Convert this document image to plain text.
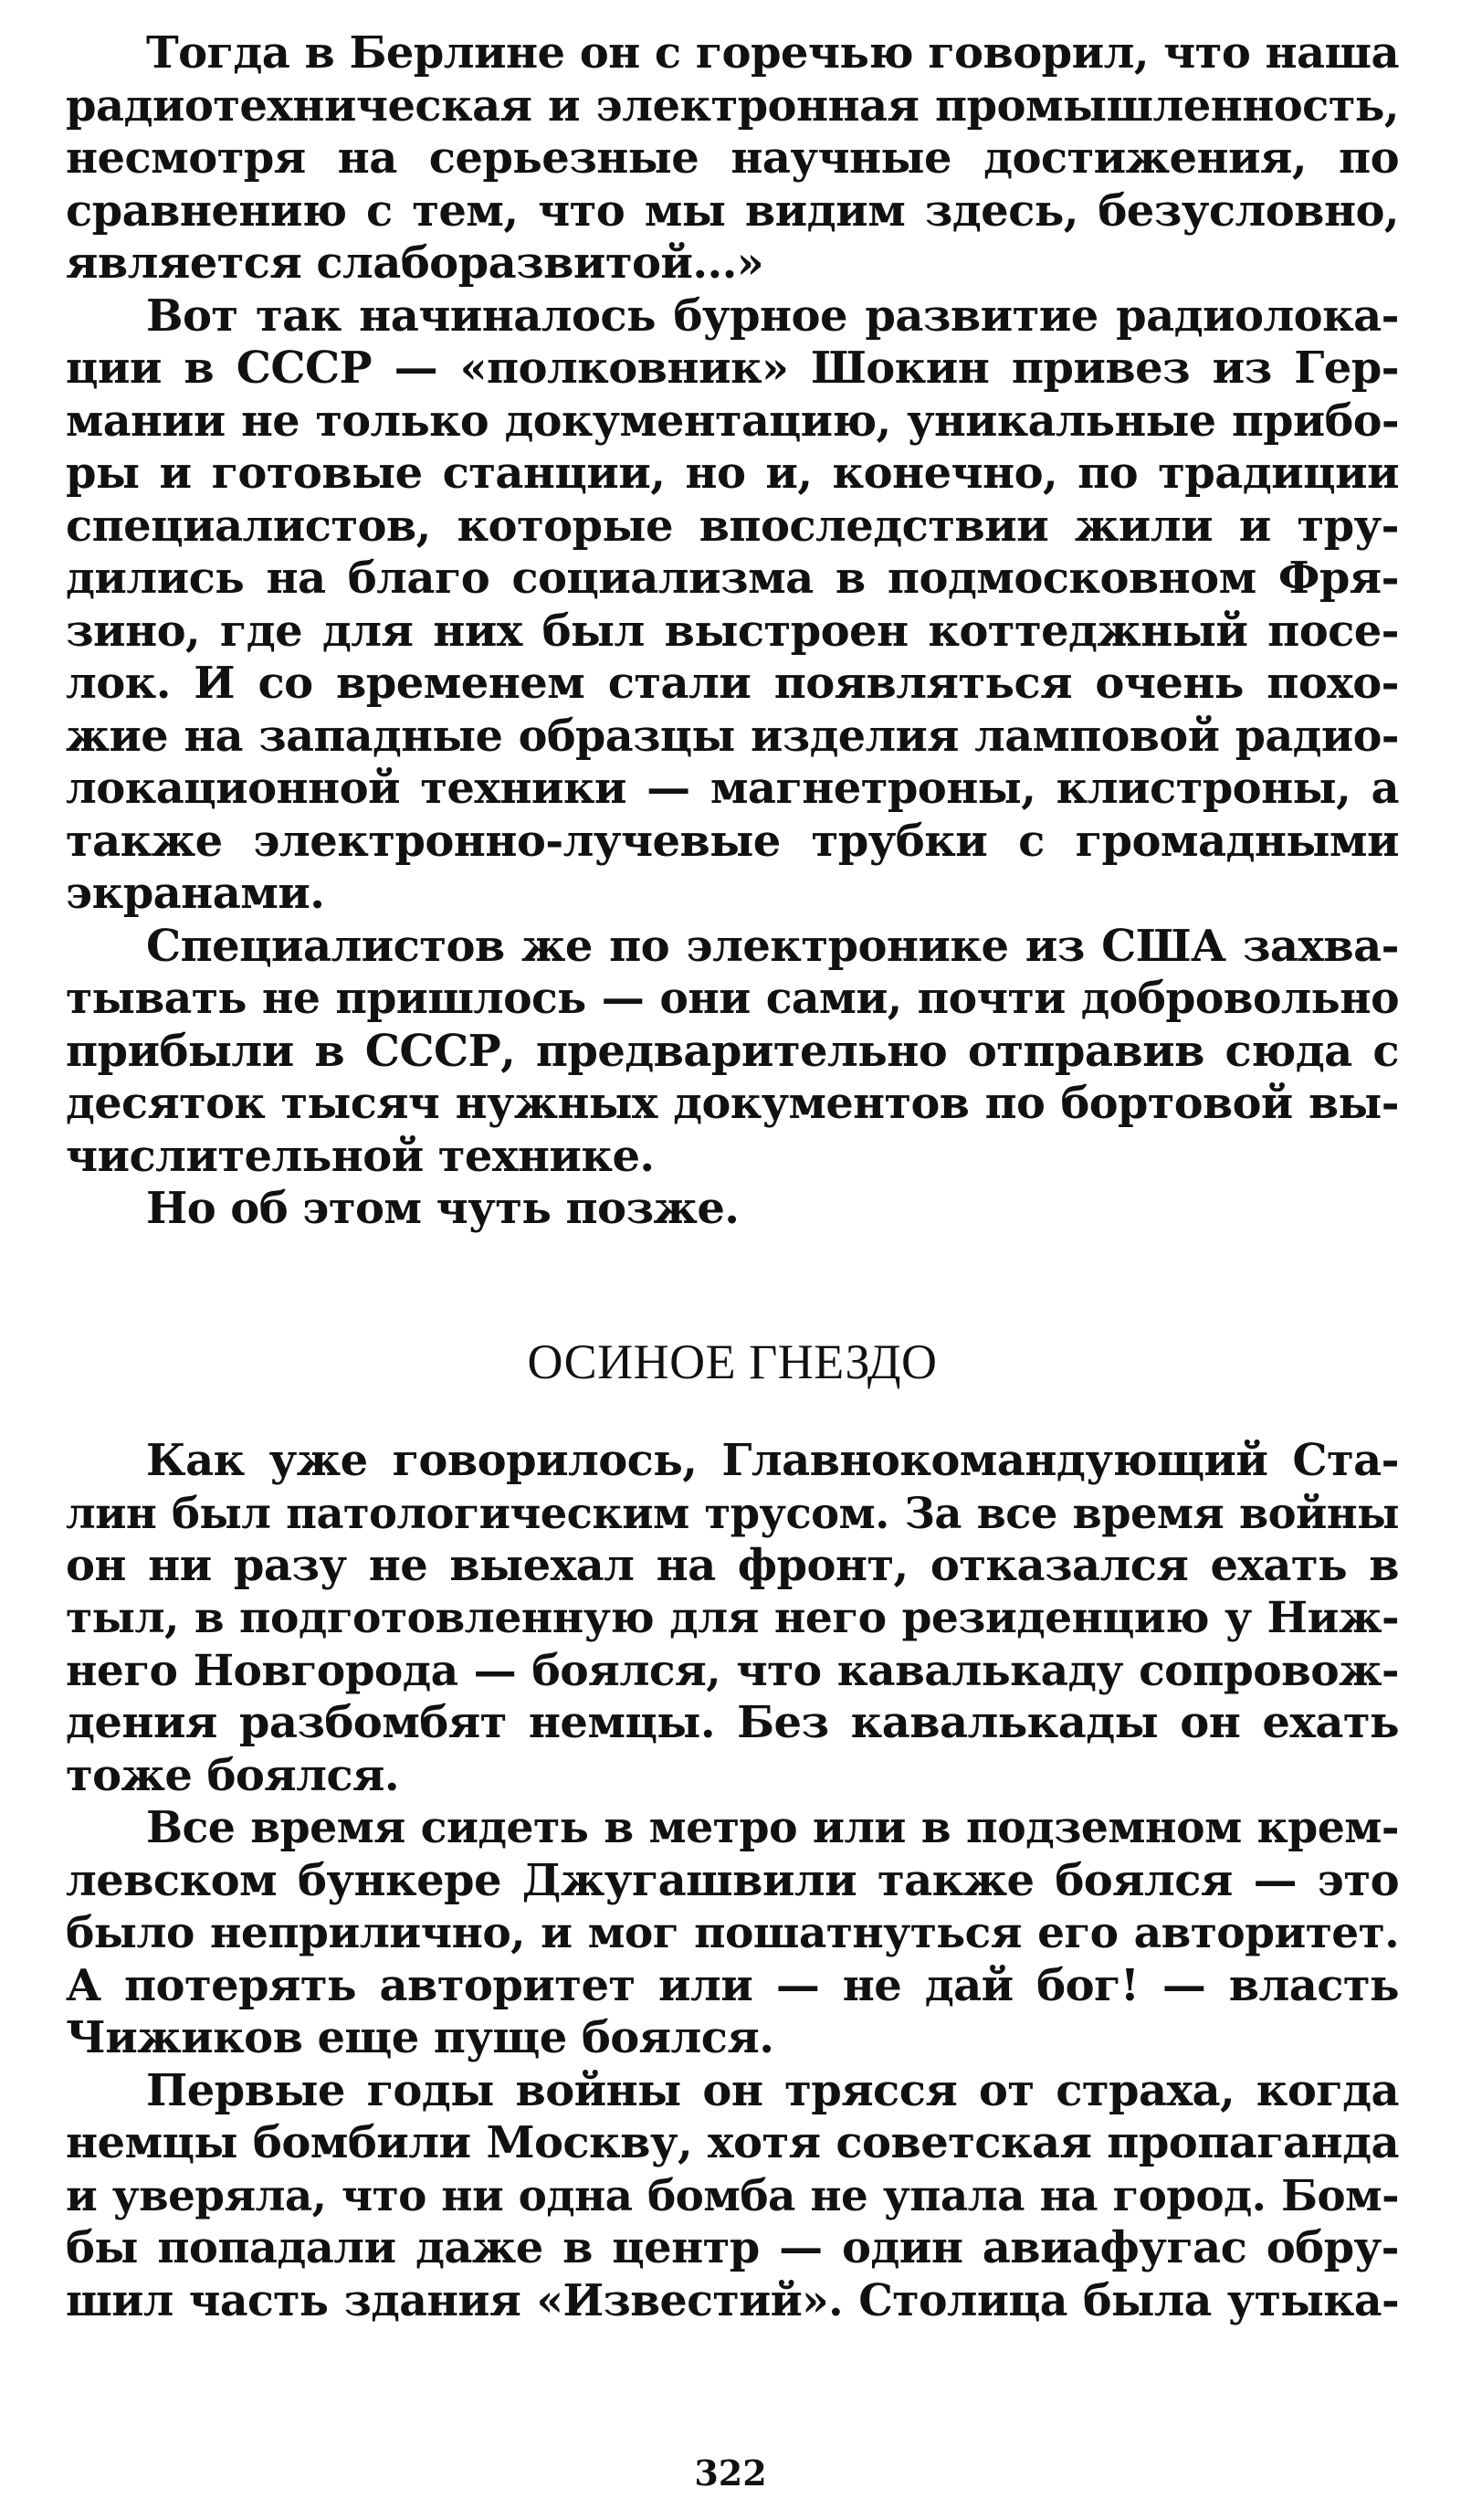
Тогда в Берлине он с горечью говорил, что наша
радиотехническая и электронная промышленность,
несмотря на серьезные научные достижения, по
сравнению с тем, что мы видим здесь, безусловно,
является слаборазвитой...»
Вот так начиналось бурное развитие радиолока-
ции в СССР — «полковник» Шокин привез из Гер-
мании не только документацию, уникальные прибо-
ры и готовые станции, но и, конечно, по традиции
специалистов, которые впоследствии жили и тру-
дились на благо социализма в подмосковном Фря-
зино, где для них был выстроен коттеджный посе-
лок. И со временем стали появляться очень похо-
жие на западные образцы изделия ламповой радио-
локационной техники — магнетроны, клистроны, а
также электронно-лучевые трубки с громадными
экранами.
Специалистов же по электронике из США захва-
тывать не пришлось — они сами, почти добровольно
прибыли в СССР, предварительно отправив сюда с
десяток тысяч нужных документов по бортовой вы-
числительной технике.
Но об этом чуть позже.
ОСИНОЕ ГНЕЗДО
Как уже говорилось, Главнокомандующий Ста-
лин был патологическим трусом. За все время войны
он ни разу не выехал на фронт, отказался ехать в
тыл, в подготовленную для него резиденцию у Ниж-
него Новгорода — боялся, что кавалькаду сопровож-
дения разбомбят немцы. Без кавалькады он ехать
тоже боялся.
Все время сидеть в метро или в подземном крем-
левском бункере Джугашвили также боялся — это
было неприлично, и мог пошатнуться его авторитет.
А потерять авторитет или — не дай бог! — власть
Чижиков еще пуще боялся.
Первые годы войны он трясся от страха, когда
немцы бомбили Москву, хотя советская пропаганда
и уверяла, что ни одна бомба не упала на город. Бом-
бы попадали даже в центр — один авиафугас обру-
шил часть здания «Известий». Столица была утыка-
322
